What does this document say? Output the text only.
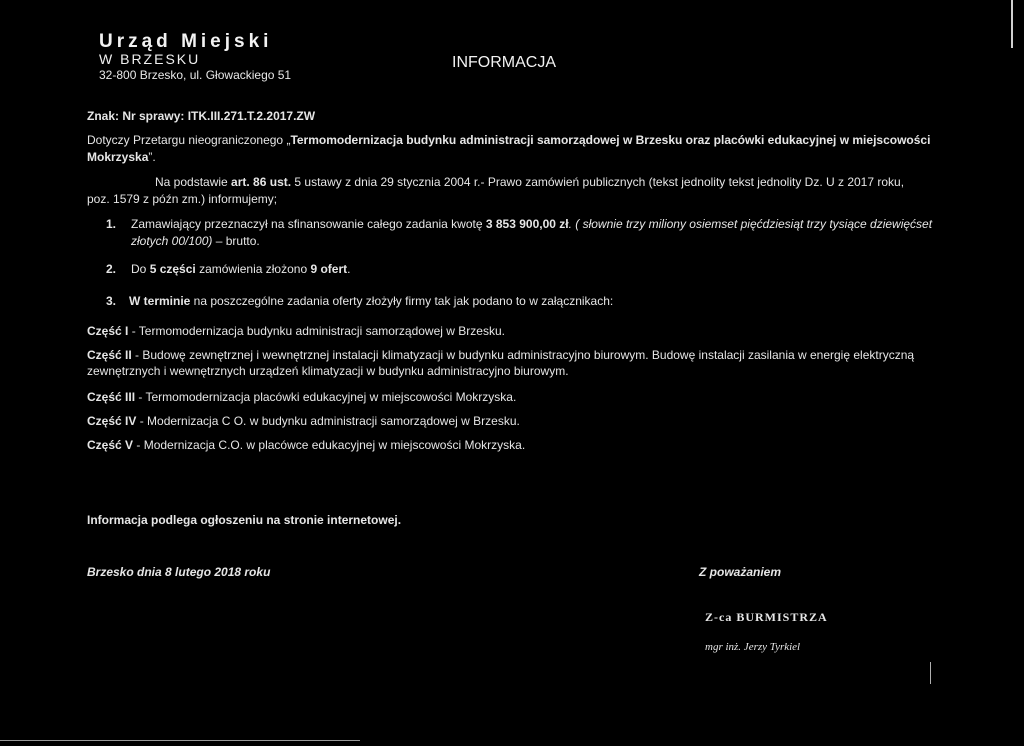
Urząd Miejski
W BRZESKU
32-800 Brzesko, ul. Głowackiego 51
INFORMACJA
Znak: Nr sprawy: ITK.III.271.T.2.2017.ZW
Dotyczy Przetargu nieograniczonego „Termomodernizacja budynku administracji samorządowej w Brzesku oraz placówki edukacyjnej w miejscowości
Mokrzyska”.
Na podstawie art. 86 ust. 5 ustawy z dnia 29 stycznia 2004 r.- Prawo zamówień publicznych (tekst jednolity tekst jednolity Dz. U z 2017 roku,
poz. 1579 z późn zm.) informujemy;
1. Zamawiający przeznaczył na sfinansowanie całego zadania kwotę 3 853 900,00 zł. ( słownie trzy miliony osiemset pięćdziesiąt trzy tysiące dziewięćset
złotych 00/100) – brutto.
2. Do 5 części zamówienia złożono 9 ofert.
3. W terminie na poszczególne zadania oferty złożyły firmy tak jak podano to w załącznikach:
Część I - Termomodernizacja budynku administracji samorządowej w Brzesku.
Część II - Budowę zewnętrznej i wewnętrznej instalacji klimatyzacji w budynku administracyjno biurowym. Budowę instalacji zasilania w energię elektryczną
zewnętrznych i wewnętrznych urządzeń klimatyzacji w budynku administracyjno biurowym.
Część III - Termomodernizacja placówki edukacyjnej w miejscowości Mokrzyska.
Część IV - Modernizacja C O. w budynku administracji samorządowej w Brzesku.
Część V - Modernizacja C.O. w placówce edukacyjnej w miejscowości Mokrzyska.
Informacja podlega ogłoszeniu na stronie internetowej.
Brzesko dnia 8 lutego 2018 roku	Z poważaniem
Z-ca BURMISTRZA
mgr inż. Jerzy Tyrkiel
